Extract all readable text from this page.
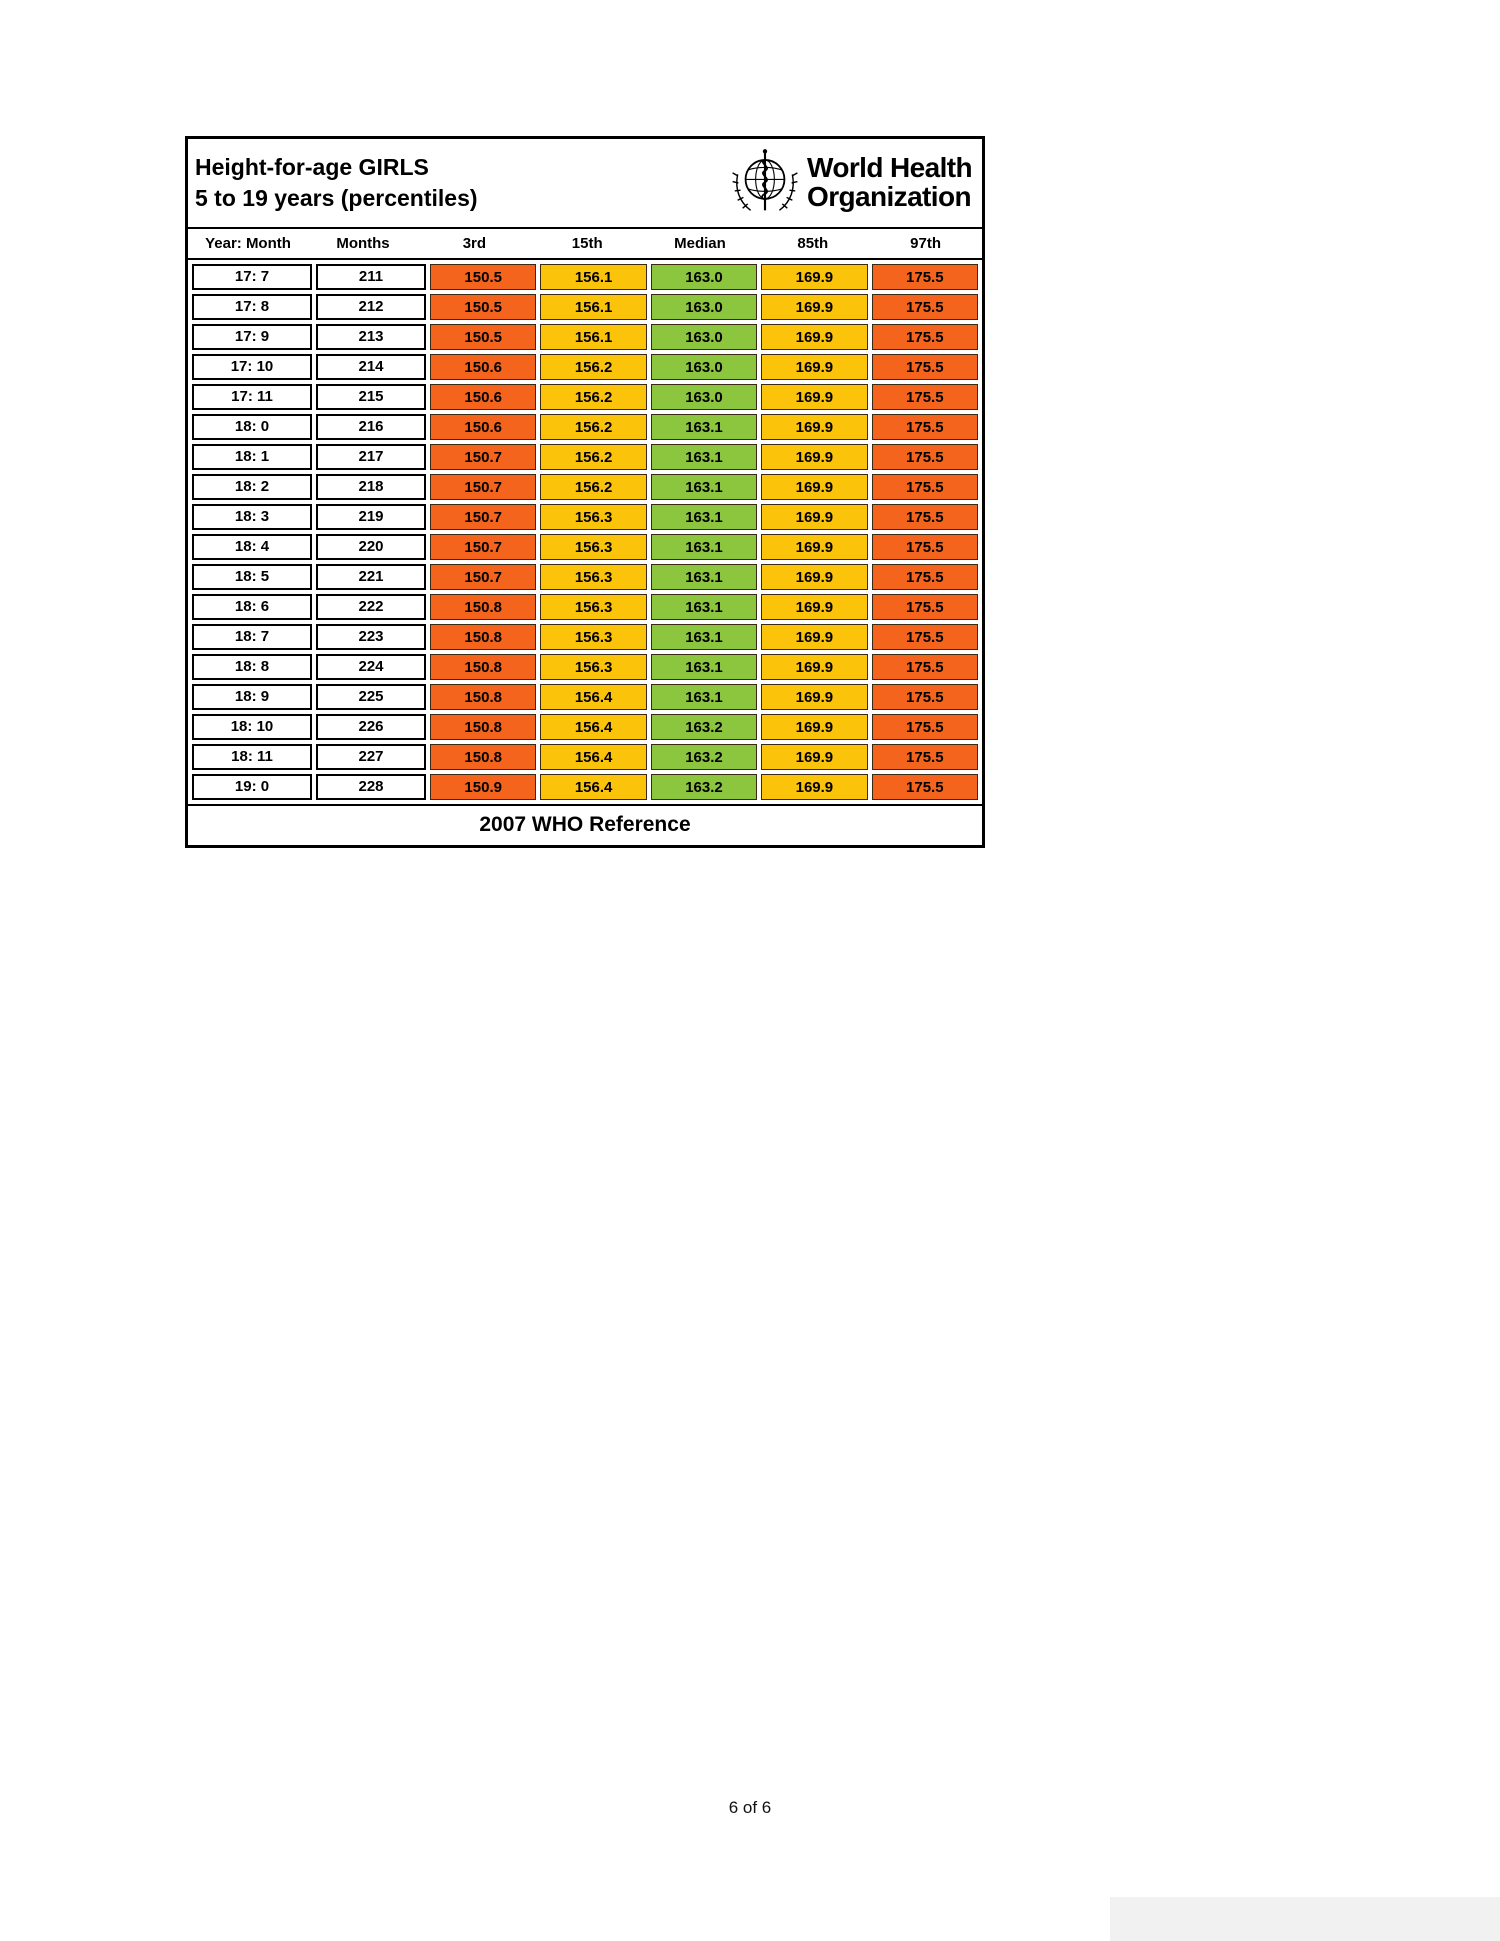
Height-for-age GIRLS
5 to 19 years (percentiles)
World Health
Organization
Year: Month	Months	3rd	15th	Median	85th	97th
17: 7	211	150.5	156.1	163.0	169.9	175.5
17: 8	212	150.5	156.1	163.0	169.9	175.5
17: 9	213	150.5	156.1	163.0	169.9	175.5
17: 10	214	150.6	156.2	163.0	169.9	175.5
17: 11	215	150.6	156.2	163.0	169.9	175.5
18: 0	216	150.6	156.2	163.1	169.9	175.5
18: 1	217	150.7	156.2	163.1	169.9	175.5
18: 2	218	150.7	156.2	163.1	169.9	175.5
18: 3	219	150.7	156.3	163.1	169.9	175.5
18: 4	220	150.7	156.3	163.1	169.9	175.5
18: 5	221	150.7	156.3	163.1	169.9	175.5
18: 6	222	150.8	156.3	163.1	169.9	175.5
18: 7	223	150.8	156.3	163.1	169.9	175.5
18: 8	224	150.8	156.3	163.1	169.9	175.5
18: 9	225	150.8	156.4	163.1	169.9	175.5
18: 10	226	150.8	156.4	163.2	169.9	175.5
18: 11	227	150.8	156.4	163.2	169.9	175.5
19: 0	228	150.9	156.4	163.2	169.9	175.5
2007 WHO Reference
6 of 6
